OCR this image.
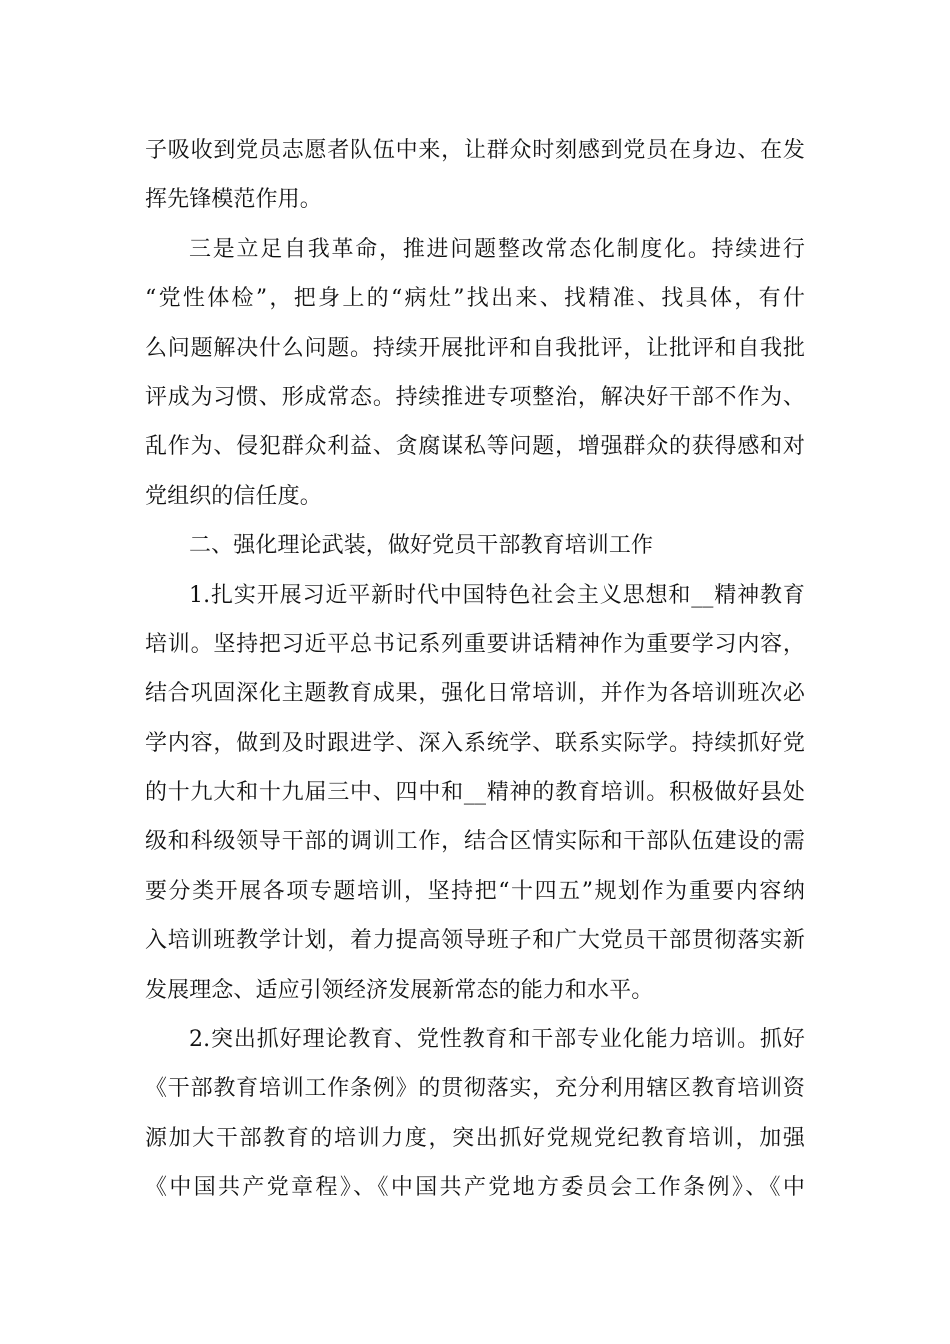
子吸收到党员志愿者队伍中来，让群众时刻感到党员在身边、在发
挥先锋模范作用。
三是立足自我革命，推进问题整改常态化制度化。持续进行
“党性体检”，把身上的“病灶”找出来、找精准、找具体，有什
么问题解决什么问题。持续开展批评和自我批评，让批评和自我批
评成为习惯、形成常态。持续推进专项整治，解决好干部不作为、
乱作为、侵犯群众利益、贪腐谋私等问题，增强群众的获得感和对
党组织的信任度。
二、强化理论武装，做好党员干部教育培训工作
1.扎实开展习近平新时代中国特色社会主义思想和__精神教育
培训。坚持把习近平总书记系列重要讲话精神作为重要学习内容，
结合巩固深化主题教育成果，强化日常培训，并作为各培训班次必
学内容，做到及时跟进学、深入系统学、联系实际学。持续抓好党
的十九大和十九届三中、四中和__精神的教育培训。积极做好县处
级和科级领导干部的调训工作，结合区情实际和干部队伍建设的需
要分类开展各项专题培训，坚持把“十四五”规划作为重要内容纳
入培训班教学计划，着力提高领导班子和广大党员干部贯彻落实新
发展理念、适应引领经济发展新常态的能力和水平。
2.突出抓好理论教育、党性教育和干部专业化能力培训。抓好
《干部教育培训工作条例》的贯彻落实，充分利用辖区教育培训资
源加大干部教育的培训力度，突出抓好党规党纪教育培训，加强
《中国共产党章程》、《中国共产党地方委员会工作条例》、《中
